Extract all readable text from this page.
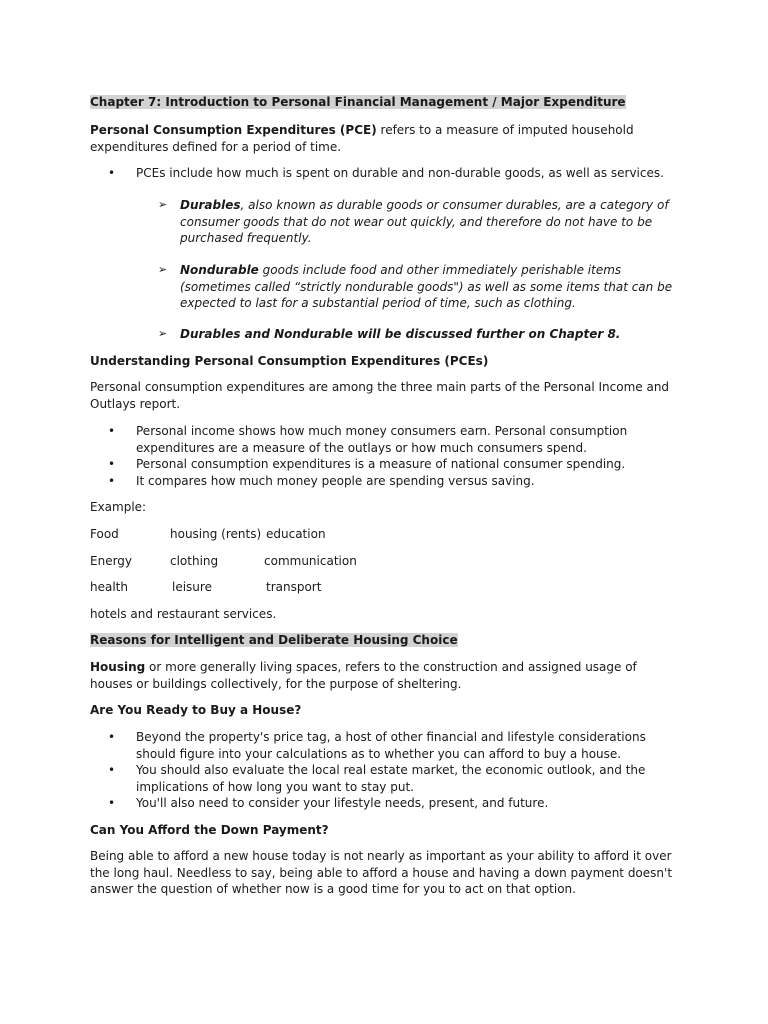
Chapter 7: Introduction to Personal Financial Management / Major Expenditure

Personal Consumption Expenditures (PCE) refers to a measure of imputed household expenditures defined for a period of time.

• PCEs include how much is spent on durable and non-durable goods, as well as services.

➢ Durables, also known as durable goods or consumer durables, are a category of consumer goods that do not wear out quickly, and therefore do not have to be purchased frequently.

➢ Nondurable goods include food and other immediately perishable items (sometimes called “strictly nondurable goods") as well as some items that can be expected to last for a substantial period of time, such as clothing.

➢ Durables and Nondurable will be discussed further on Chapter 8.

Understanding Personal Consumption Expenditures (PCEs)

Personal consumption expenditures are among the three main parts of the Personal Income and Outlays report.

• Personal income shows how much money consumers earn. Personal consumption expenditures are a measure of the outlays or how much consumers spend.

• Personal consumption expenditures is a measure of national consumer spending.

• It compares how much money people are spending versus saving.

Example:

Food	housing (rents) education
Energy	clothing	communication
health	leisure	transport

hotels and restaurant services.

Reasons for Intelligent and Deliberate Housing Choice

Housing or more generally living spaces, refers to the construction and assigned usage of houses or buildings collectively, for the purpose of sheltering.

Are You Ready to Buy a House?

• Beyond the property's price tag, a host of other financial and lifestyle considerations should figure into your calculations as to whether you can afford to buy a house.

• You should also evaluate the local real estate market, the economic outlook, and the implications of how long you want to stay put.

• You'll also need to consider your lifestyle needs, present, and future.

Can You Afford the Down Payment?

Being able to afford a new house today is not nearly as important as your ability to afford it over the long haul. Needless to say, being able to afford a house and having a down payment doesn't answer the question of whether now is a good time for you to act on that option.
